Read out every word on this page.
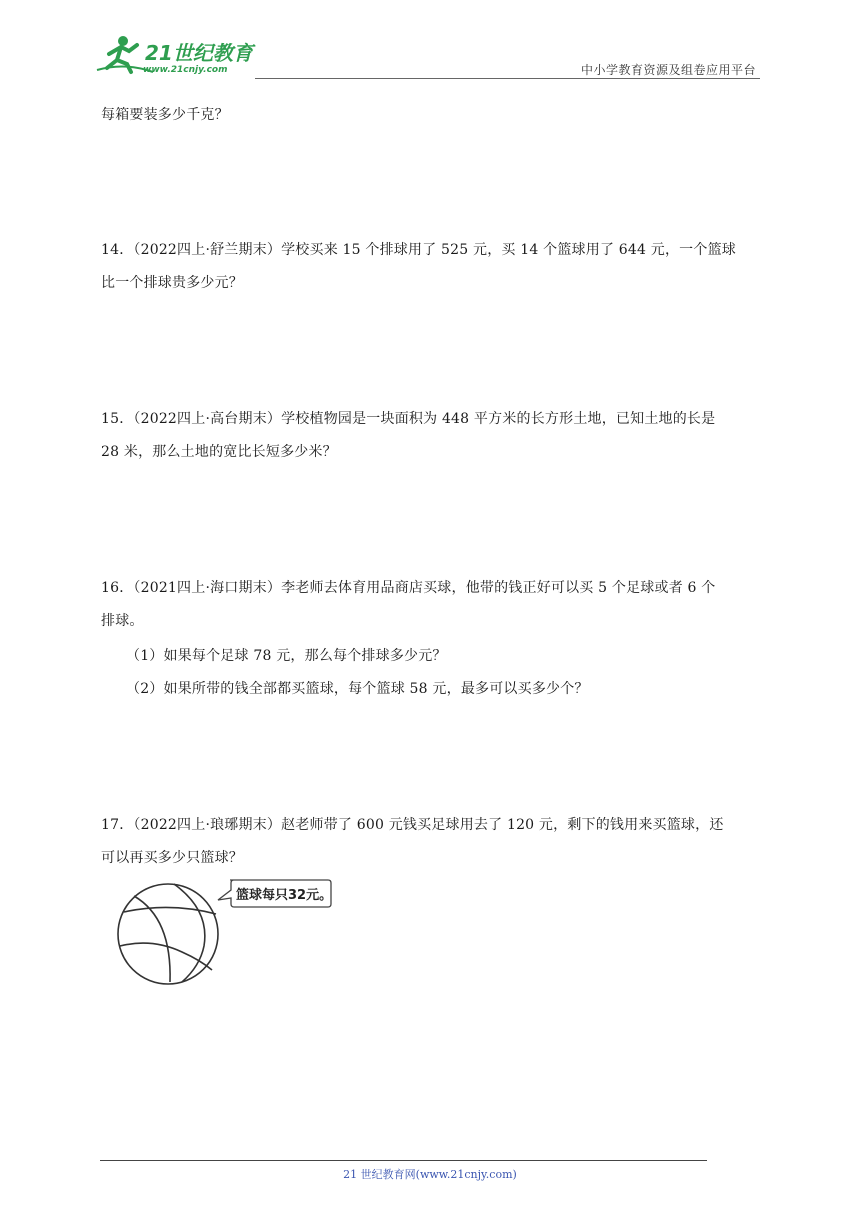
21世纪教育
www.21cnjy.com	中小学教育资源及组卷应用平台
每箱要装多少千克？
14．（2022四上·舒兰期末）学校买来 15 个排球用了 525 元，买 14 个篮球用了 644 元，一个篮球
比一个排球贵多少元？
15．（2022四上·高台期末）学校植物园是一块面积为 448 平方米的长方形土地，已知土地的长是
28 米，那么土地的宽比长短多少米？
16．（2021四上·海口期末）李老师去体育用品商店买球，他带的钱正好可以买 5 个足球或者 6 个
排球。
（1）如果每个足球 78 元，那么每个排球多少元？
（2）如果所带的钱全部都买篮球，每个篮球 58 元，最多可以买多少个？
17．（2022四上·琅琊期末）赵老师带了 600 元钱买足球用去了 120 元，剩下的钱用来买篮球，还
可以再买多少只篮球？
篮球每只32元。
21 世纪教育网(www.21cnjy.com)
